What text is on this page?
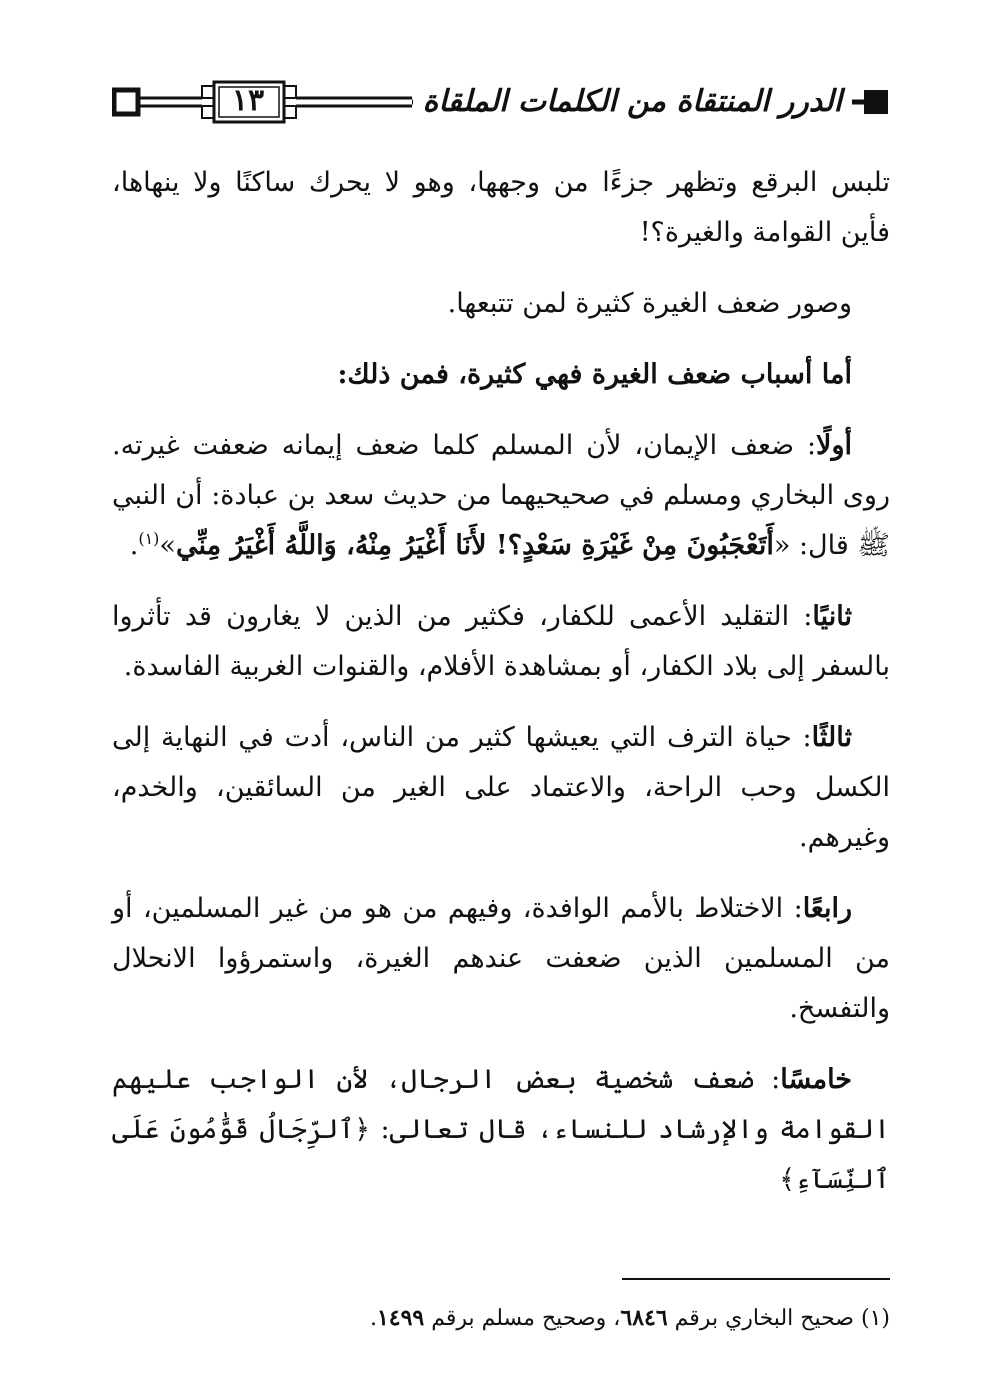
١٣	الدرر المنتقاة من الكلمات الملقاة

تلبس البرقع وتظهر جزءًا من وجهها، وهو لا يحرك ساكنًا ولا ينهاها، فأين القوامة والغيرة؟!

وصور ضعف الغيرة كثيرة لمن تتبعها.

أما أسباب ضعف الغيرة فهي كثيرة، فمن ذلك:

أولًا: ضعف الإيمان، لأن المسلم كلما ضعف إيمانه ضعفت غيرته. روى البخاري ومسلم في صحيحيهما من حديث سعد بن عبادة: أن النبي ﷺ قال: «أَتَعْجَبُونَ مِنْ غَيْرَةِ سَعْدٍ؟! لأَنَا أَغْيَرُ مِنْهُ، وَاللَّهُ أَغْيَرُ مِنِّي»$^{(١)}$.

ثانيًا: التقليد الأعمى للكفار، فكثير من الذين لا يغارون قد تأثروا بالسفر إلى بلاد الكفار، أو بمشاهدة الأفلام، والقنوات الغربية الفاسدة.

ثالثًا: حياة الترف التي يعيشها كثير من الناس، أدت في النهاية إلى الكسل وحب الراحة، والاعتماد على الغير من السائقين، والخدم، وغيرهم.

رابعًا: الاختلاط بالأمم الوافدة، وفيهم من هو من غير المسلمين، أو من المسلمين الذين ضعفت عندهم الغيرة، واستمرؤوا الانحلال والتفسخ.

خامسًا: ضعف شخصية بعض الرجال، لأن الواجب عليهم القوامة والإرشاد للنساء، قال تعالى: ﴿ٱلرِّجَالُ قَوَّٰمُونَ عَلَى ٱلنِّسَآءِ﴾

(١) صحيح البخاري برقم ٦٨٤٦، وصحيح مسلم برقم ١٤٩٩.
